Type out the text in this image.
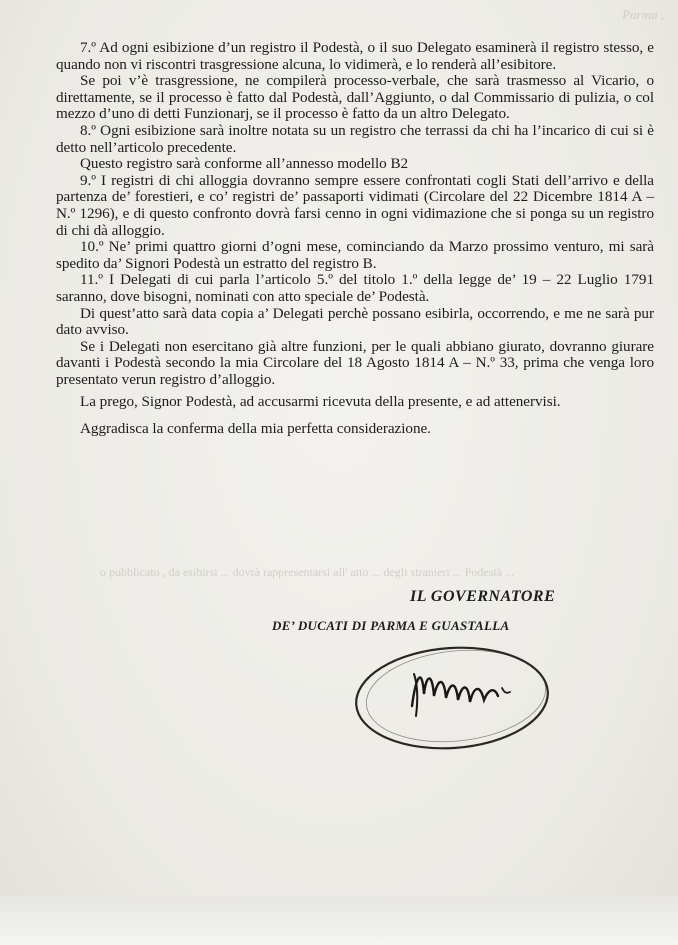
Parma ,

7.º Ad ogni esibizione d’un registro il Podestà, o il suo Delegato esaminerà il registro stesso, e quando non vi riscontri trasgressione alcuna, lo vidimerà, e lo renderà all’esibitore.

Se poi v’è trasgressione, ne compilerà processo-verbale, che sarà trasmesso al Vicario, o direttamente, se il processo è fatto dal Podestà, dall’Aggiunto, o dal Commissario di pulizia, o col mezzo d’uno di detti Funzionarj, se il processo è fatto da un altro Delegato.

8.º Ogni esibizione sarà inoltre notata su un registro che terrassi da chi ha l’incarico di cui si è detto nell’articolo precedente.

Questo registro sarà conforme all’annesso modello B2

9.º I registri di chi alloggia dovranno sempre essere confrontati cogli Stati dell’arrivo e della partenza de’ forestieri, e co’ registri de’ passaporti vidimati (Circolare del 22 Dicembre 1814 A – N.º 1296), e di questo confronto dovrà farsi cenno in ogni vidimazione che si ponga su un registro di chi dà alloggio.

10.º Ne’ primi quattro giorni d’ogni mese, cominciando da Marzo prossimo venturo, mi sarà spedito da’ Signori Podestà un estratto del registro B.

11.º I Delegati di cui parla l’articolo 5.º del titolo 1.º della legge de’ 19 – 22 Luglio 1791 saranno, dove bisogni, nominati con atto speciale de’ Podestà.

Di quest’atto sarà data copia a’ Delegati perchè possano esibirla, occorrendo, e me ne sarà pur dato avviso.

Se i Delegati non esercitano già altre funzioni, per le quali abbiano giurato, dovranno giurare davanti i Podestà secondo la mia Circolare del 18 Agosto 1814 A – N.º 33, prima che venga loro presentato verun registro d’alloggio.

La prego, Signor Podestà, ad accusarmi ricevuta della presente, e ad attenervisi.

Aggradisca la conferma della mia perfetta considerazione.

o pubblicato , da esibirsi ... dovrà rappresentarsi all' atto ... degli stranieri ... Podestà ...
IL GOVERNATORE
DE’ DUCATI DI PARMA E GUASTALLA
